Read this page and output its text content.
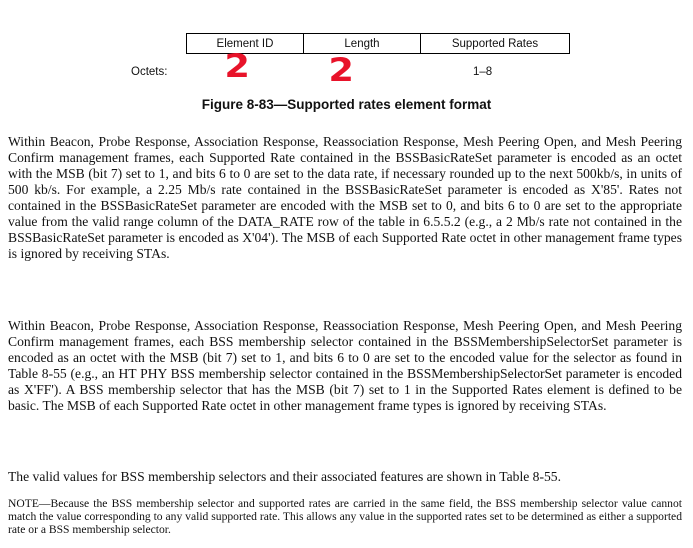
Element ID	Length	Supported Rates
Octets: 2 2	1–8
Figure 8-83—Supported rates element format

Within Beacon, Probe Response, Association Response, Reassociation Response, Mesh Peering Open, and Mesh Peering Confirm management frames, each Supported Rate contained in the BSSBasicRateSet parameter is encoded as an octet with the MSB (bit 7) set to 1, and bits 6 to 0 are set to the data rate, if necessary rounded up to the next 500kb/s, in units of 500 kb/s. For example, a 2.25 Mb/s rate contained in the BSSBasicRateSet parameter is encoded as X'85'. Rates not contained in the BSSBasicRateSet parameter are encoded with the MSB set to 0, and bits 6 to 0 are set to the appropriate value from the valid range column of the DATA_RATE row of the table in 6.5.5.2 (e.g., a 2 Mb/s rate not contained in the BSSBasicRateSet parameter is encoded as X'04'). The MSB of each Supported Rate octet in other management frame types is ignored by receiving STAs.

Within Beacon, Probe Response, Association Response, Reassociation Response, Mesh Peering Open, and Mesh Peering Confirm management frames, each BSS membership selector contained in the BSSMembershipSelectorSet parameter is encoded as an octet with the MSB (bit 7) set to 1, and bits 6 to 0 are set to the encoded value for the selector as found in Table 8-55 (e.g., an HT PHY BSS membership selector contained in the BSSMembershipSelectorSet parameter is encoded as X'FF'). A BSS membership selector that has the MSB (bit 7) set to 1 in the Supported Rates element is defined to be basic. The MSB of each Supported Rate octet in other management frame types is ignored by receiving STAs.

The valid values for BSS membership selectors and their associated features are shown in Table 8-55.

NOTE—Because the BSS membership selector and supported rates are carried in the same field, the BSS membership selector value cannot match the value corresponding to any valid supported rate. This allows any value in the supported rates set to be determined as either a supported rate or a BSS membership selector.
